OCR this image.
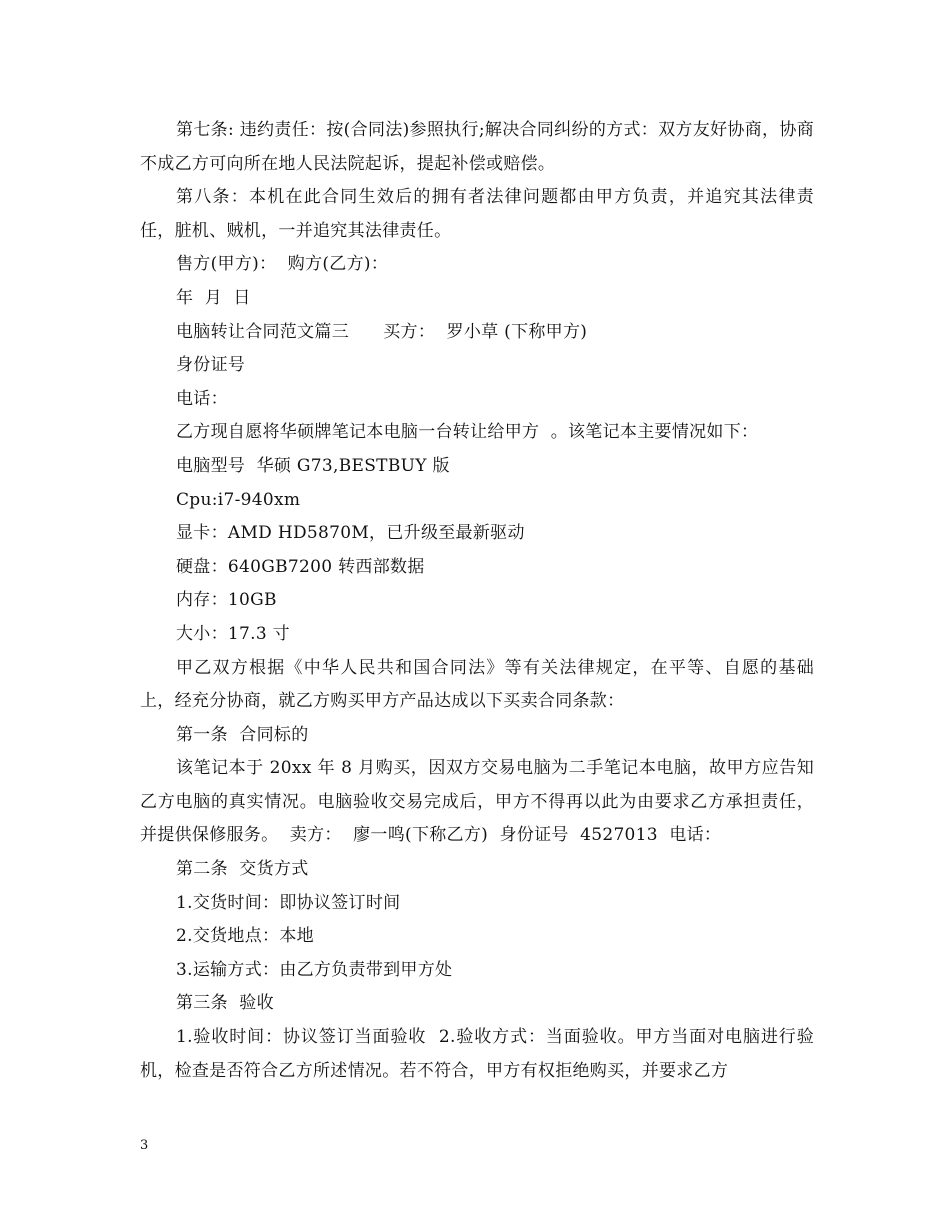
第七条: 违约责任：按(合同法)参照执行;解决合同纠纷的方式：双方友好协商，协商不成乙方可向所在地人民法院起诉，提起补偿或赔偿。

第八条：本机在此合同生效后的拥有者法律问题都由甲方负责，并追究其法律责任，脏机、贼机，一并追究其法律责任。

售方(甲方)：  购方(乙方)：

年  月  日

电脑转让合同范文篇三      买方：  罗小草 (下称甲方)

身份证号

电话：

乙方现自愿将华硕牌笔记本电脑一台转让给甲方  。该笔记本主要情况如下：

电脑型号  华硕 G73,BESTBUY 版

Cpu:i7-940xm

显卡：AMD HD5870M，已升级至最新驱动

硬盘：640GB7200 转西部数据

内存：10GB

大小：17.3 寸

甲乙双方根据《中华人民共和国合同法》等有关法律规定，在平等、自愿的基础上，经充分协商，就乙方购买甲方产品达成以下买卖合同条款：

第一条  合同标的

该笔记本于 20xx 年 8 月购买，因双方交易电脑为二手笔记本电脑，故甲方应告知乙方电脑的真实情况。电脑验收交易完成后，甲方不得再以此为由要求乙方承担责任，并提供保修服务。  卖方：  廖一鸣(下称乙方)  身份证号  4527013  电话：

第二条  交货方式

1.交货时间：即协议签订时间

2.交货地点：本地

3.运输方式：由乙方负责带到甲方处

第三条  验收

1.验收时间：协议签订当面验收  2.验收方式：当面验收。甲方当面对电脑进行验机，检查是否符合乙方所述情况。若不符合，甲方有权拒绝购买，并要求乙方

3
